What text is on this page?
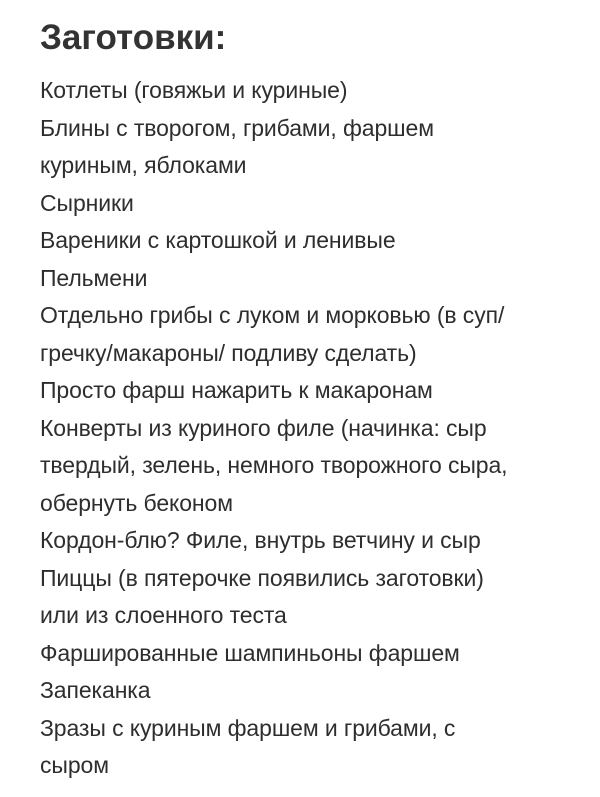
Заготовки:
Котлеты (говяжьи и куриные)
Блины с творогом, грибами, фаршем
куриным, яблоками
Сырники
Вареники с картошкой и ленивые
Пельмени
Отдельно грибы с луком и морковью (в суп/
гречку/макароны/ подливу сделать)
Просто фарш нажарить к макаронам
Конверты из куриного филе (начинка: сыр
твердый, зелень, немного творожного сыра,
обернуть беконом
Кордон-блю? Филе, внутрь ветчину и сыр
Пиццы (в пятерочке появились заготовки)
или из слоенного теста
Фаршированные шампиньоны фаршем
Запеканка
Зразы с куриным фаршем и грибами, с
сыром
